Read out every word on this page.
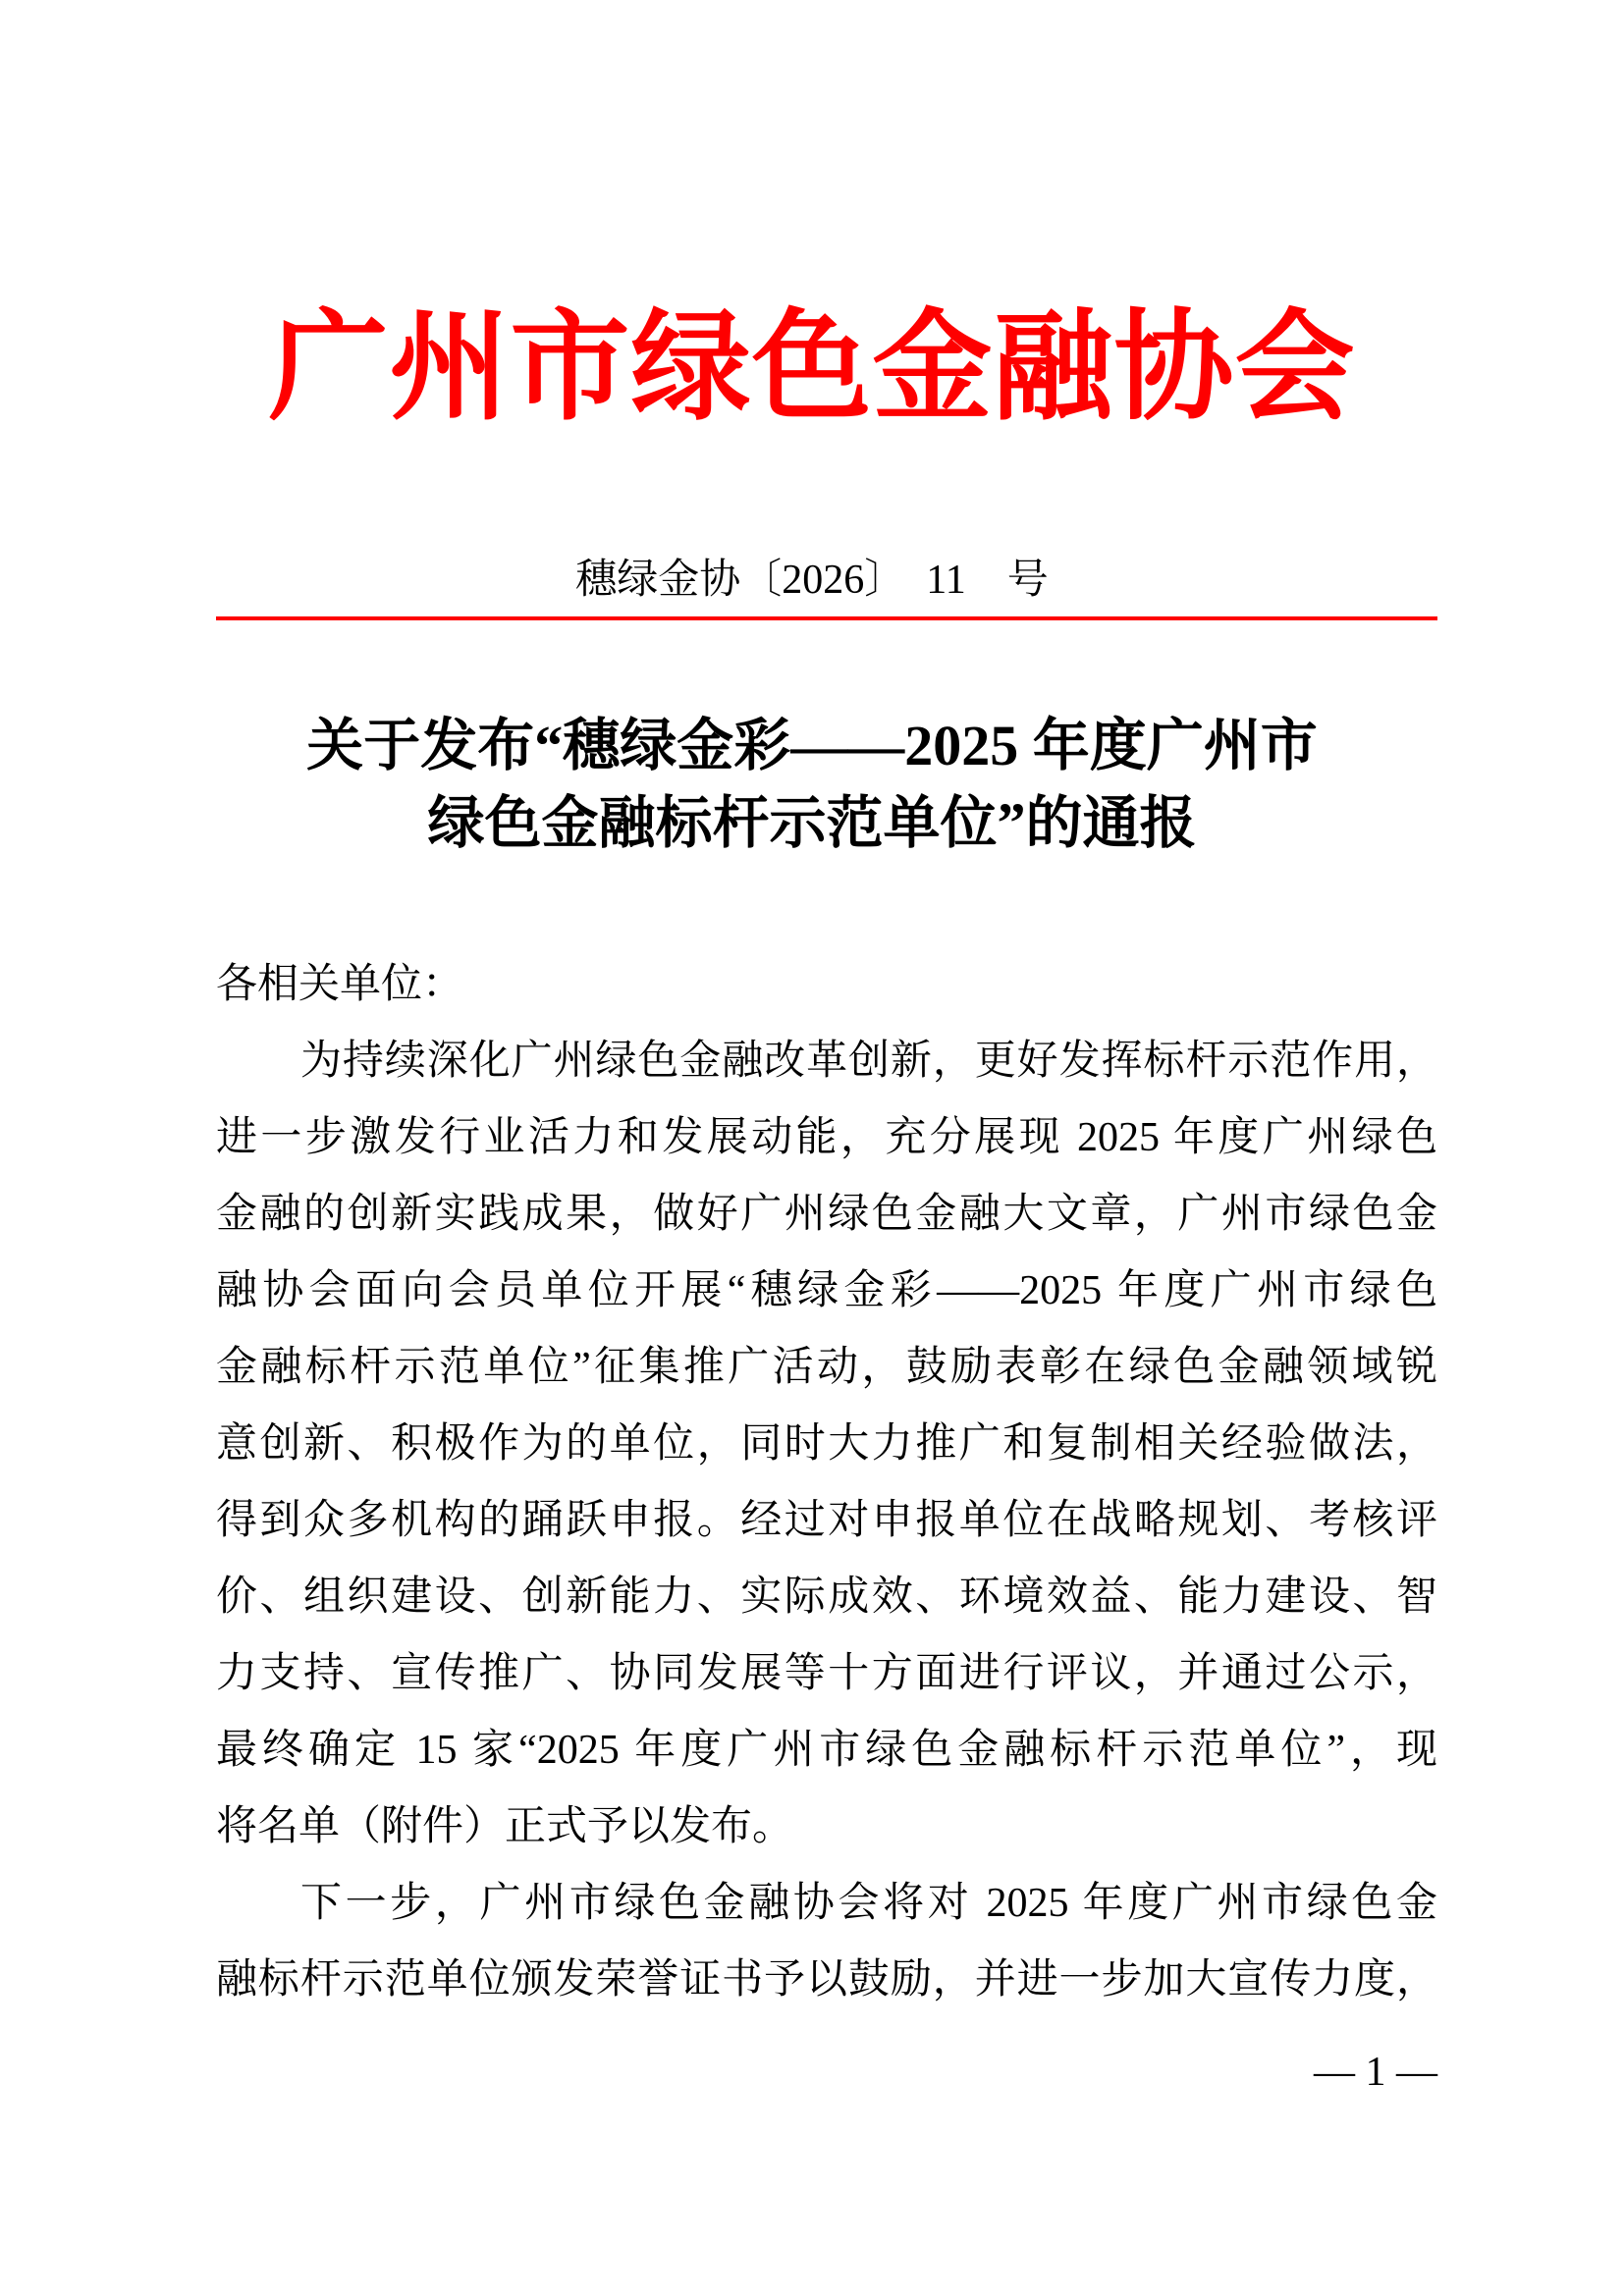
广州市绿色金融协会
穗绿金协〔2026〕　11　号
关于发布“穗绿金彩——2025 年度广州市
绿色金融标杆示范单位”的通报
各相关单位：
为持续深化广州绿色金融改革创新，更好发挥标杆示范作用，
进一步激发行业活力和发展动能，充分展现 2025 年度广州绿色
金融的创新实践成果，做好广州绿色金融大文章，广州市绿色金
融协会面向会员单位开展“穗绿金彩——2025 年度广州市绿色
金融标杆示范单位”征集推广活动，鼓励表彰在绿色金融领域锐
意创新、积极作为的单位，同时大力推广和复制相关经验做法，
得到众多机构的踊跃申报。经过对申报单位在战略规划、考核评
价、组织建设、创新能力、实际成效、环境效益、能力建设、智
力支持、宣传推广、协同发展等十方面进行评议，并通过公示，
最终确定 15 家“2025 年度广州市绿色金融标杆示范单位”，现
将名单（附件）正式予以发布。
下一步，广州市绿色金融协会将对 2025 年度广州市绿色金
融标杆示范单位颁发荣誉证书予以鼓励，并进一步加大宣传力度，
— 1 —
